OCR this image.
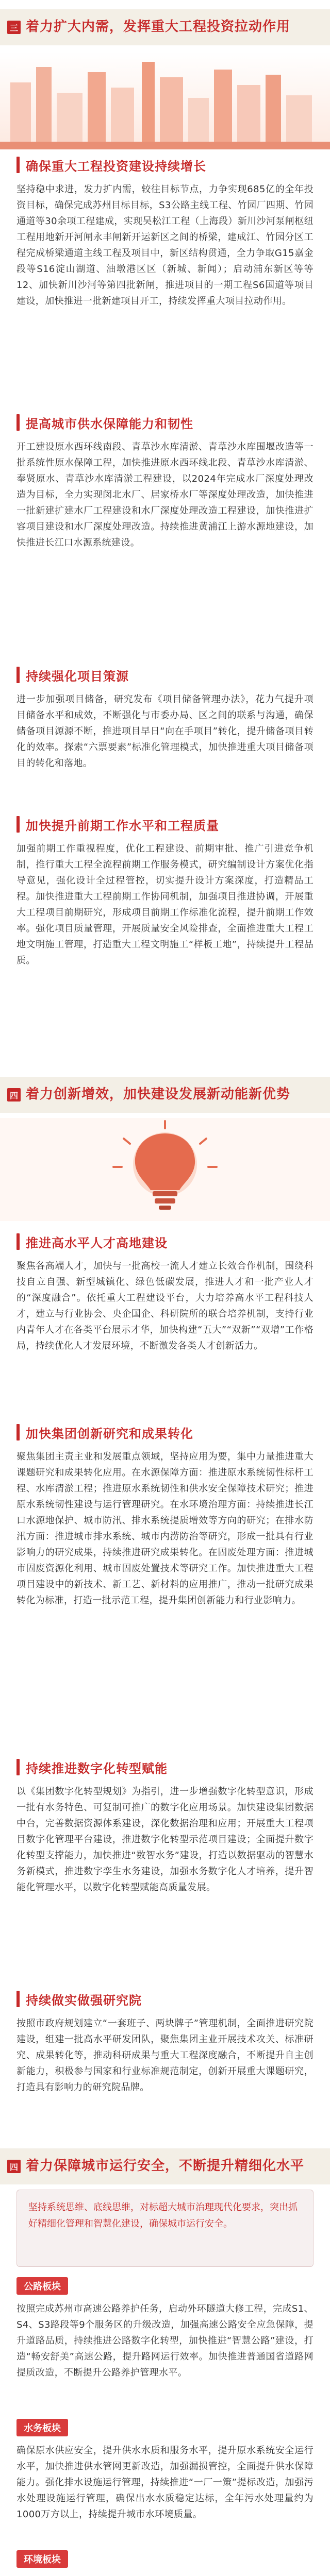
三 着力扩大内需，发挥重大工程投资拉动作用
确保重大工程投资建设持续增长
坚持稳中求进，发力扩内需，较往目标节点，力争实现685亿的全年投资目标，确保完成苏州目标目标，S3公路主线工程、竹园厂四期、竹园通道等30余项工程建成，实现吴松江工程（上海段）新川沙河泵闸枢纽工程用地新开河闸永丰闸新开运新区之间的桥梁，建成江、竹园分区工程完成桥梁通道主线工程及项目中，新区结构贯通，全力争取G15嘉金段等S16淀山湖道、油墩港区区（新城、新闻）；启动浦东新区等等12、加快新川沙河等第四批新闸，推进项目的一期工程S6国道等项目建设，加快推进一批新建项目开工，持续发挥重大项目拉动作用。
提高城市供水保障能力和韧性
开工建设原水西环线南段、青草沙水库清淤、青草沙水库围堰改造等一批系统性原水保障工程，加快推进原水西环线北段、青草沙水库清淤、奉贤原水、青草沙水库清淤工程建设，以2024年完成水厂深度处理改造为目标，全力实现闵北水厂、居家桥水厂等深度处理改造，加快推进一批新建扩建水厂工程建设和水厂深度处理改造工程建设，加快推进扩容项目建设和水厂深度处理改造。持续推进黄浦江上游水源地建设，加快推进长江口水源系统建设。
持续强化项目策源
进一步加强项目储备，研究发布《项目储备管理办法》，花力气提升项目储备水平和成效，不断强化与市委办局、区之间的联系与沟通，确保储备项目源源不断，推进项目早日“向在手项目”转化，提升储备项目转化的效率。探索“六票要素”标准化管理模式，加快推进重大项目储备项目的转化和落地。
加快提升前期工作水平和工程质量
加强前期工作重视程度，优化工程建设、前期审批、推广引进竞争机制，推行重大工程全流程前期工作服务模式，研究编制设计方案优化指导意见，强化设计全过程管控，切实提升设计方案深度，打造精品工程。加快推进重大工程前期工作协同机制，加强项目推进协调，开展重大工程项目前期研究，形成项目前期工作标准化流程，提升前期工作效率。强化项目质量管理，开展质量安全风险排查，全面推进重大工程工地文明施工管理，打造重大工程文明施工“样板工地”，持续提升工程品质。
四 着力创新增效，加快建设发展新动能新优势
推进高水平人才高地建设
聚焦各高端人才，加快与一批高校一流人才建立长效合作机制，围绕科技自立自强、新型城镇化、绿色低碳发展，推进人才和一批产业人才的“深度融合”。依托重大工程建设平台，大力培养高水平工程科技人才，建立与行业协会、央企国企、科研院所的联合培养机制，支持行业内青年人才在各类平台展示才华，加快构建“五大”“双新”“双增”工作格局，持续优化人才发展环境，不断激发各类人才创新活力。
加快集团创新研究和成果转化
聚焦集团主责主业和发展重点领域，坚持应用为要，集中力量推进重大课题研究和成果转化应用。在水源保障方面：推进原水系统韧性标杆工程、水库清淤工程；推进原水系统韧性和供水安全保障技术研究；推进原水系统韧性建设与运行管理研究。在水环境治理方面：持续推进长江口水源地保护、城市防汛、排水系统提质增效等方向的研究；在排水防汛方面：推进城市排水系统、城市内涝防治等研究，形成一批具有行业影响力的研究成果，持续推进研究成果转化。在固废处理方面：推进城市固废资源化利用、城市固废处置技术等研究工作。加快推进重大工程项目建设中的新技术、新工艺、新材料的应用推广，推动一批研究成果转化为标准，打造一批示范工程，提升集团创新能力和行业影响力。
持续推进数字化转型赋能
以《集团数字化转型规划》为指引，进一步增强数字化转型意识，形成一批有水务特色、可复制可推广的数字化应用场景。加快建设集团数据中台，完善数据资源体系建设，深化数据治理和应用；开展重大工程项目数字化管理平台建设，推进数字化转型示范项目建设；全面提升数字化转型支撑能力，加快推进“数智水务”建设，打造以数据驱动的智慧水务新模式，推进数字孪生水务建设，加强水务数字化人才培养，提升智能化管理水平，以数字化转型赋能高质量发展。
持续做实做强研究院
按照市政府规划建立“一套班子、两块牌子”管理机制，全面推进研究院建设，组建一批高水平研发团队，聚焦集团主业开展技术攻关、标准研究、成果转化等，推动科研成果与重大工程深度融合，不断提升自主创新能力，积极参与国家和行业标准规范制定，创新开展重大课题研究，打造具有影响力的研究院品牌。
四 着力保障城市运行安全，不断提升精细化水平
坚持系统思维、底线思维，对标超大城市治理现代化要求，突出抓好精细化管理和智慧化建设，确保城市运行安全。
公路板块
按照完成苏州市高速公路养护任务，启动外环隧道大修工程，完成S1、S4、S3路段等9个服务区的升级改造，加强高速公路安全应急保障，提升道路品质，持续推进公路数字化转型，加快推进“智慧公路”建设，打造“畅安舒美”高速公路，提升路网运行效率。加快推进普通国省道路网提质改造，不断提升公路养护管理水平。
水务板块
确保原水供应安全，提升供水水质和服务水平，提升原水系统安全运行水平，加快推进供水管网更新改造，加强漏损管控，全面提升供水保障能力。强化排水设施运行管理，持续推进“一厂一策”提标改造，加强污水处理设施运行管理，确保出水水质稳定达标，全年污水处理量约为1000万方以上，持续提升城市水环境质量。
环境板块
